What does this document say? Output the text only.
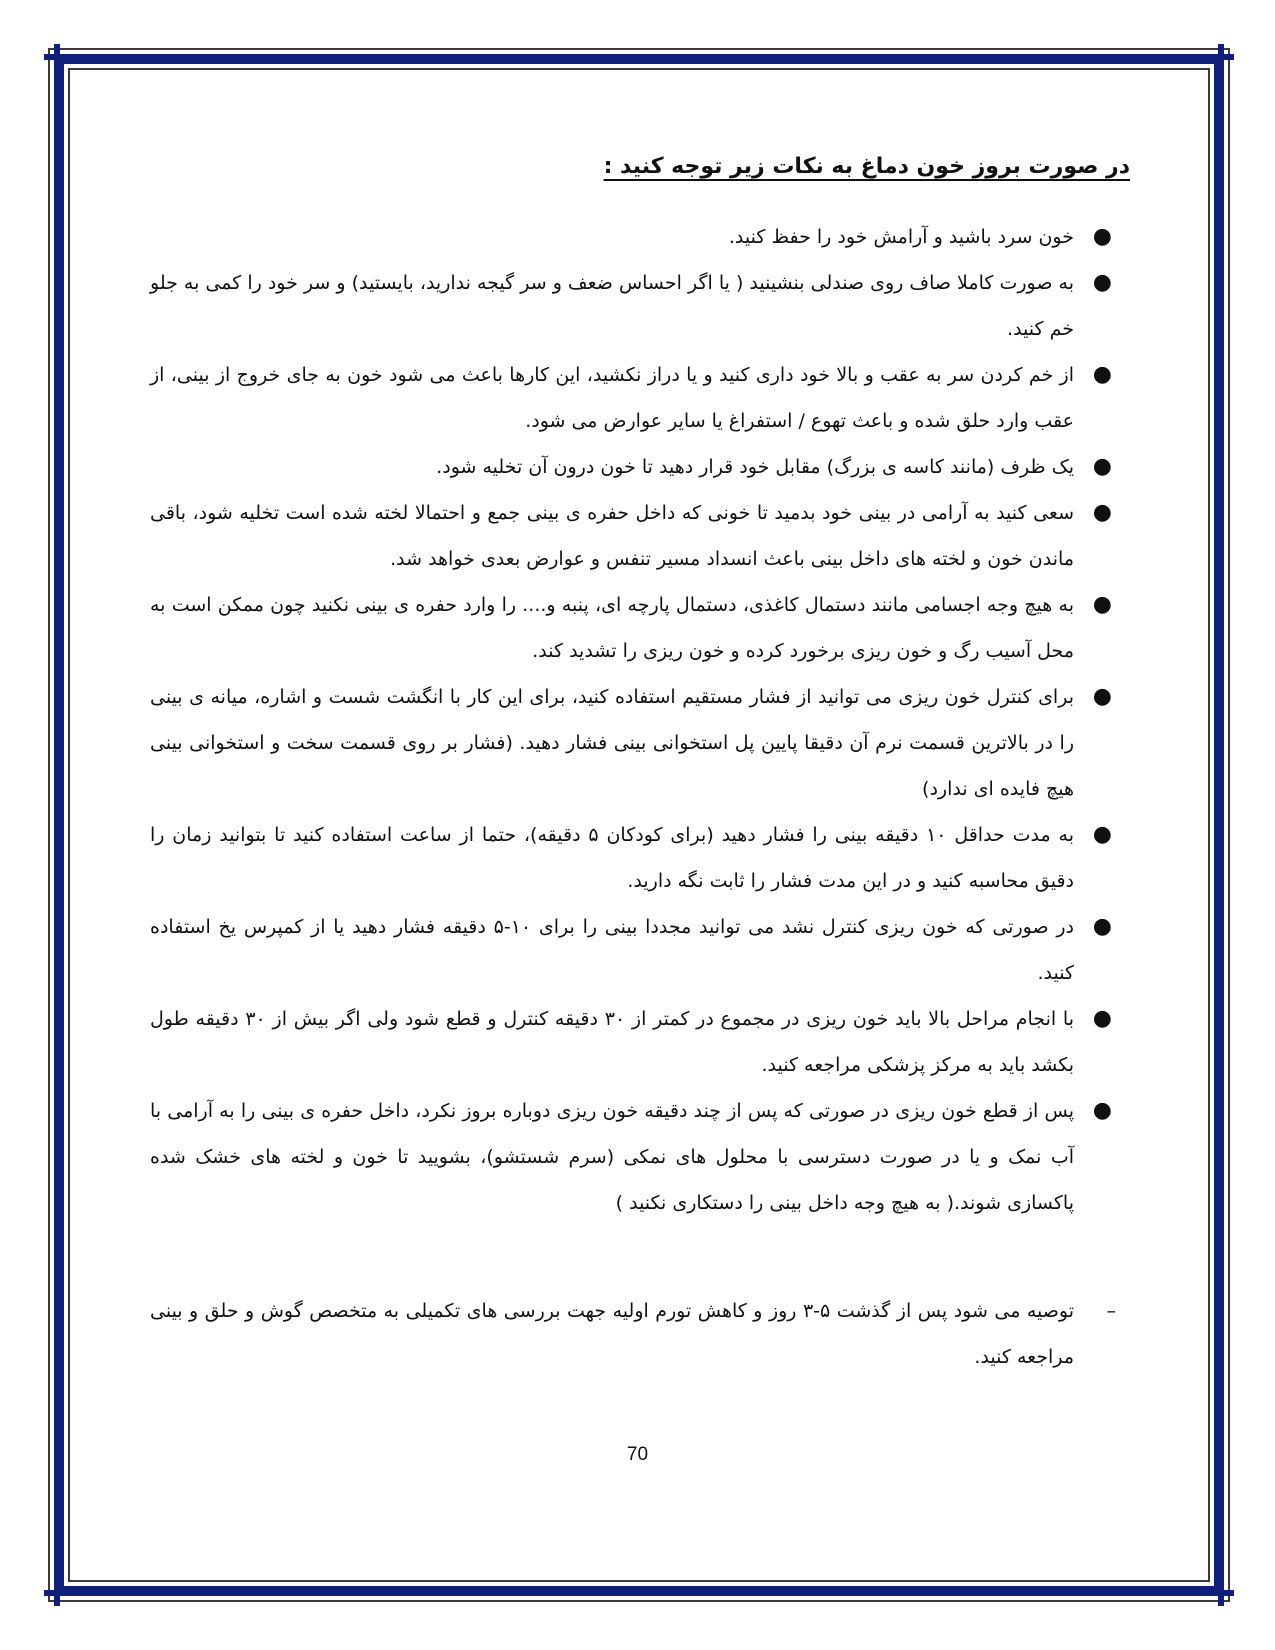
در صورت بروز خون دماغ به نکات زیر توجه کنید :
●
خون سرد باشید و آرامش خود را حفظ کنید.
●
به صورت کاملا صاف روی صندلی بنشینید ( یا اگر احساس ضعف و سر گیجه ندارید، بایستید) و سر خود را کمی به جلو خم کنید.
●
از خم کردن سر به عقب و بالا خود داری کنید و یا دراز نکشید، این کارها باعث می شود خون به جای خروج از بینی، از عقب وارد حلق شده و باعث تهوع / استفراغ یا سایر عوارض می شود.
●
یک ظرف (مانند کاسه ی بزرگ) مقابل خود قرار دهید تا خون درون آن تخلیه شود.
●
سعی کنید به آرامی در بینی خود بدمید تا خونی که داخل حفره ی بینی جمع و احتمالا لخته شده است تخلیه شود، باقی ماندن خون و لخته های داخل بینی باعث انسداد مسیر تنفس و عوارض بعدی خواهد شد.
●
به هیچ وجه اجسامی مانند دستمال کاغذی، دستمال پارچه ای، پنبه و.... را وارد حفره ی بینی نکنید چون ممکن است به محل آسیب رگ و خون ریزی برخورد کرده و خون ریزی را تشدید کند.
●
برای کنترل خون ریزی می توانید از فشار مستقیم استفاده کنید، برای این کار با انگشت شست و اشاره، میانه ی بینی را در بالاترین قسمت نرم آن دقیقا پایین پل استخوانی بینی فشار دهید. (فشار بر روی قسمت سخت و استخوانی بینی هیچ فایده ای ندارد)
●
به مدت حداقل ۱۰ دقیقه بینی را فشار دهید (برای کودکان ۵ دقیقه)، حتما از ساعت استفاده کنید تا بتوانید زمان را دقیق محاسبه کنید و در این مدت فشار را ثابت نگه دارید.
●
در صورتی که خون ریزی کنترل نشد می توانید مجددا بینی را برای ۱۰-۵ دقیقه فشار دهید یا از کمپرس یخ استفاده کنید.
●
با انجام مراحل بالا باید خون ریزی در مجموع در کمتر از ۳۰ دقیقه کنترل و قطع شود ولی اگر بیش از ۳۰ دقیقه طول بکشد باید به مرکز پزشکی مراجعه کنید.
●
پس از قطع خون ریزی در صورتی که پس از چند دقیقه خون ریزی دوباره بروز نکرد، داخل حفره ی بینی را به آرامی با آب نمک و یا در صورت دسترسی با محلول های نمکی (سرم شستشو)، بشویید تا خون و لخته های خشک شده پاکسازی شوند.( به هیچ وجه داخل بینی را دستکاری نکنید )

–
توصیه می شود پس از گذشت ۵-۳ روز و کاهش تورم اولیه جهت بررسی های تکمیلی به متخصص گوش و حلق و بینی مراجعه کنید.

70
